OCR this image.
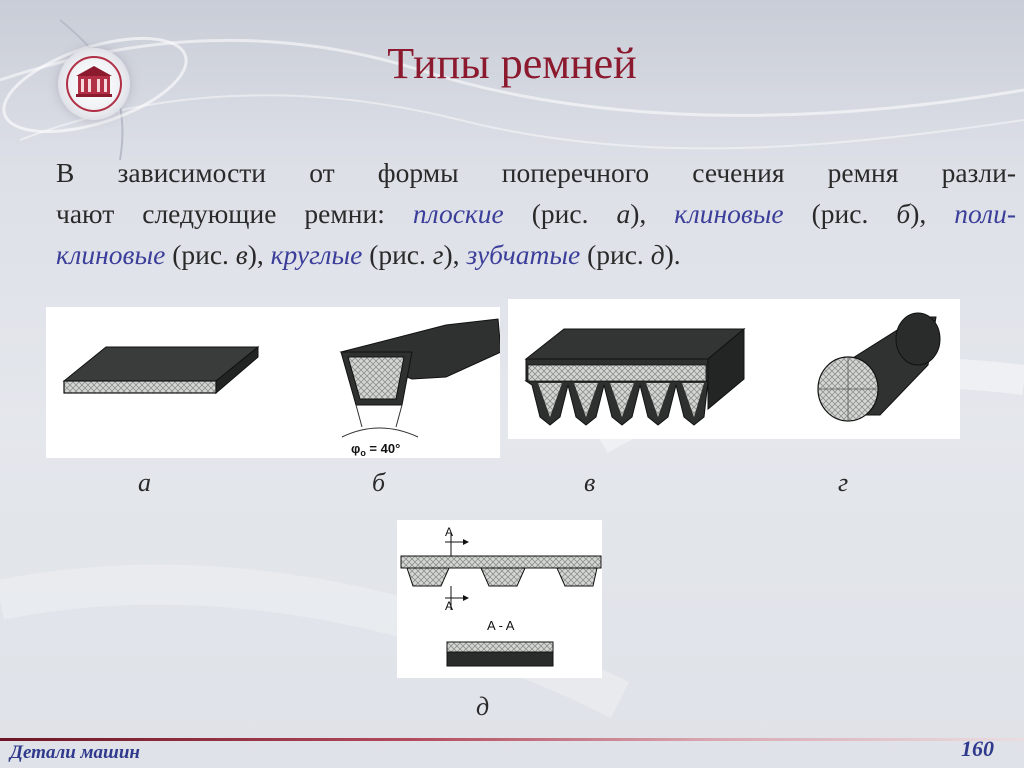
Типы ремней

В зависимости от формы поперечного сечения ремня разли-
чают следующие ремни: плоские (рис. а), клиновые (рис. б), поли-
клиновые (рис. в), круглые (рис. г), зубчатые (рис. д).

$\varphi_о = 40^\circ$
A
A
A - A
а	б	в	г
д
Детали машин	160
